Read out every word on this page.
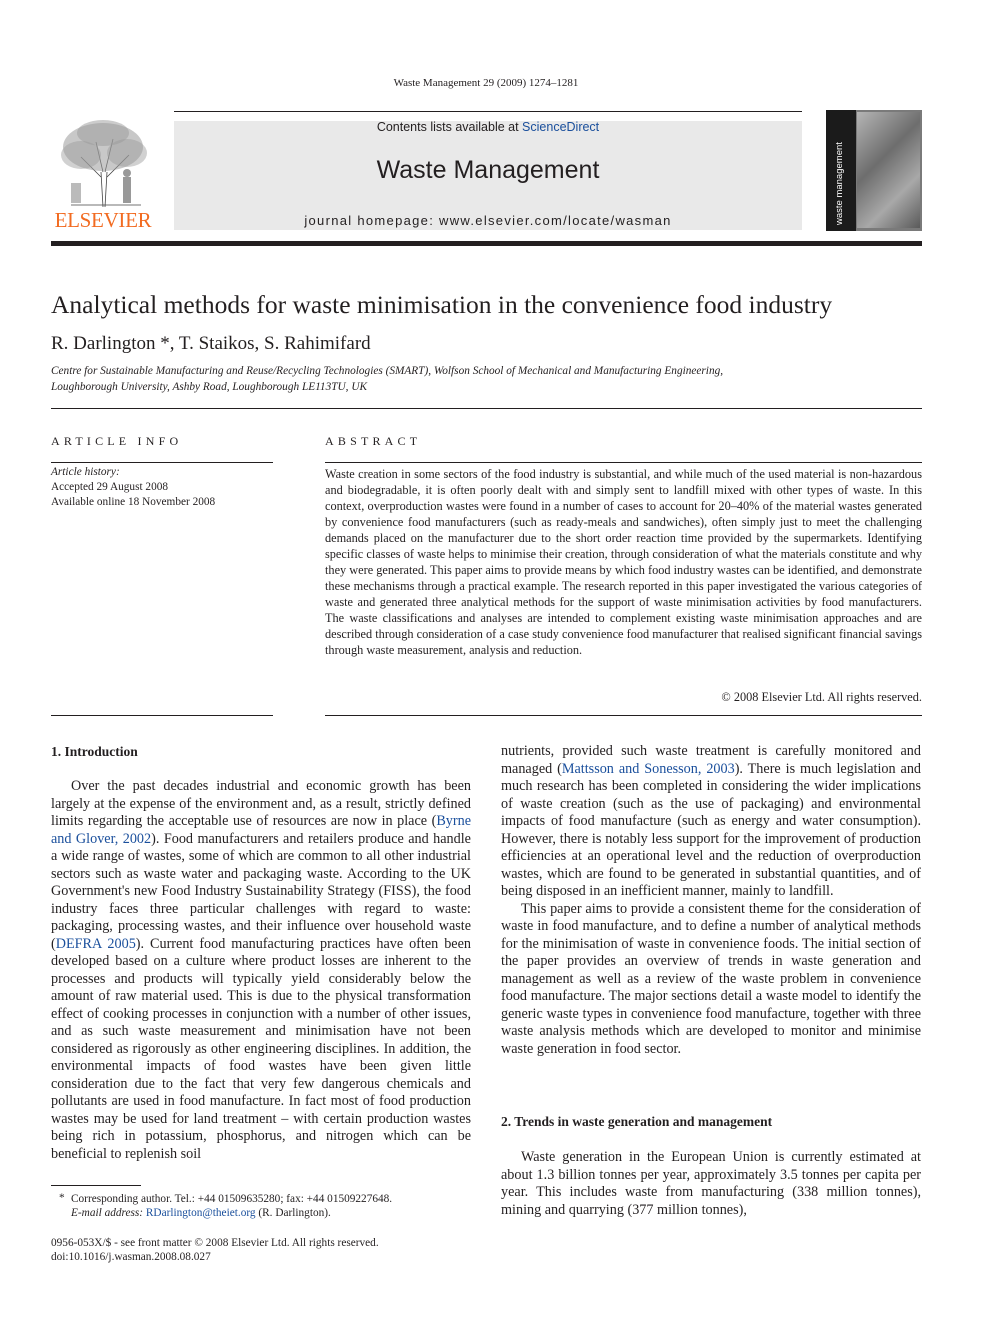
Waste Management 29 (2009) 1274–1281
ELSEVIER
Contents lists available at ScienceDirect
Waste Management
journal homepage: www.elsevier.com/locate/wasman	waste management
Analytical methods for waste minimisation in the convenience food industry
R. Darlington *, T. Staikos, S. Rahimifard
Centre for Sustainable Manufacturing and Reuse/Recycling Technologies (SMART), Wolfson School of Mechanical and Manufacturing Engineering,
Loughborough University, Ashby Road, Loughborough LE113TU, UK
ARTICLE INFO
Article history:
Accepted 29 August 2008
Available online 18 November 2008
ABSTRACT
Waste creation in some sectors of the food industry is substantial, and while much of the used material is non-hazardous and biodegradable, it is often poorly dealt with and simply sent to landfill mixed with other types of waste. In this context, overproduction wastes were found in a number of cases to account for 20–40% of the material wastes generated by convenience food manufacturers (such as ready-meals and sandwiches), often simply just to meet the challenging demands placed on the manufacturer due to the short order reaction time provided by the supermarkets. Identifying specific classes of waste helps to minimise their creation, through consideration of what the materials constitute and why they were generated. This paper aims to provide means by which food industry wastes can be identified, and demonstrate these mechanisms through a practical example. The research reported in this paper investigated the various categories of waste and generated three analytical methods for the support of waste minimisation activities by food manufacturers. The waste classifications and analyses are intended to complement existing waste minimisation approaches and are described through consideration of a case study convenience food manufacturer that realised significant financial savings through waste measurement, analysis and reduction.
© 2008 Elsevier Ltd. All rights reserved.
1. Introduction

Over the past decades industrial and economic growth has been largely at the expense of the environment and, as a result, strictly defined limits regarding the acceptable use of resources are now in place (Byrne and Glover, 2002). Food manufacturers and retailers produce and handle a wide range of wastes, some of which are common to all other industrial sectors such as waste water and packaging waste. According to the UK Government's new Food Industry Sustainability Strategy (FISS), the food industry faces three particular challenges with regard to waste: packaging, processing wastes, and their influence over household waste (DEFRA 2005). Current food manufacturing practices have often been developed based on a culture where product losses are inherent to the processes and products will typically yield considerably below the amount of raw material used. This is due to the physical transformation effect of cooking processes in conjunction with a number of other issues, and as such waste measurement and minimisation have not been considered as rigorously as other engineering disciplines. In addition, the environmental impacts of food wastes have been given little consideration due to the fact that very few dangerous chemicals and pollutants are used in food manufacture. In fact most of food production wastes may be used for land treatment – with certain production wastes being rich in potassium, phosphorus, and nitrogen which can be beneficial to replenish soil

nutrients, provided such waste treatment is carefully monitored and managed (Mattsson and Sonesson, 2003). There is much legislation and much research has been completed in considering the wider implications of waste creation (such as the use of packaging) and environmental impacts of food manufacture (such as energy and water consumption). However, there is notably less support for the improvement of production efficiencies at an operational level and the reduction of overproduction wastes, which are found to be generated in substantial quantities, and of being disposed in an inefficient manner, mainly to landfill.

This paper aims to provide a consistent theme for the consideration of waste in food manufacture, and to define a number of analytical methods for the minimisation of waste in convenience foods. The initial section of the paper provides an overview of trends in waste generation and management as well as a review of the waste problem in convenience food manufacture. The major sections detail a waste model to identify the generic waste types in convenience food manufacture, together with three waste analysis methods which are developed to monitor and minimise waste generation in food sector.

2. Trends in waste generation and management

Waste generation in the European Union is currently estimated at about 1.3 billion tonnes per year, approximately 3.5 tonnes per capita per year. This includes waste from manufacturing (338 million tonnes), mining and quarrying (377 million tonnes),

* Corresponding author. Tel.: +44 01509635280; fax: +44 01509227648.
E-mail address: RDarlington@theiet.org (R. Darlington).
0956-053X/$ - see front matter © 2008 Elsevier Ltd. All rights reserved.
doi:10.1016/j.wasman.2008.08.027
